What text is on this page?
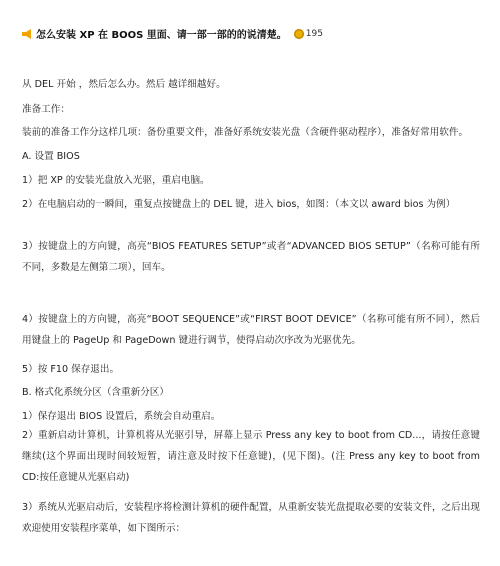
怎么安装 XP 在 BOOS 里面、请一部一部的的说清楚。 195
从 DEL 开始 ，然后怎么办。然后 越详细越好。
准备工作：
装前的准备工作分这样几项：备份重要文件，准备好系统安装光盘（含硬件驱动程序），准备好常用软件。
A. 设置 BIOS
1）把 XP 的安装光盘放入光驱，重启电脑。
2）在电脑启动的一瞬间，重复点按键盘上的 DEL 键，进入 bios，如图：（本文以 award bios 为例）
3）按键盘上的方向键，高亮“BIOS FEATURES SETUP”或者“ADVANCED BIOS SETUP”（名称可能有所不同，多数是左侧第二项），回车。
4）按键盘上的方向键，高亮“BOOT SEQUENCE”或“FIRST BOOT DEVICE”（名称可能有所不同），然后用键盘上的 PageUp 和 PageDown 键进行调节，使得启动次序改为光驱优先。
5）按 F10 保存退出。
B. 格式化系统分区（含重新分区）
1）保存退出 BIOS 设置后，系统会自动重启。
2）重新启动计算机，计算机将从光驱引导，屏幕上显示 Press any key to boot from CD...，请按任意键继续(这个界面出现时间较短暂，请注意及时按下任意键)，(见下图)。(注 Press any key to boot from CD:按任意键从光驱启动)
3）系统从光驱启动后，安装程序将检测计算机的硬件配置，从重新安装光盘提取必要的安装文件，之后出现欢迎使用安装程序菜单，如下图所示：
